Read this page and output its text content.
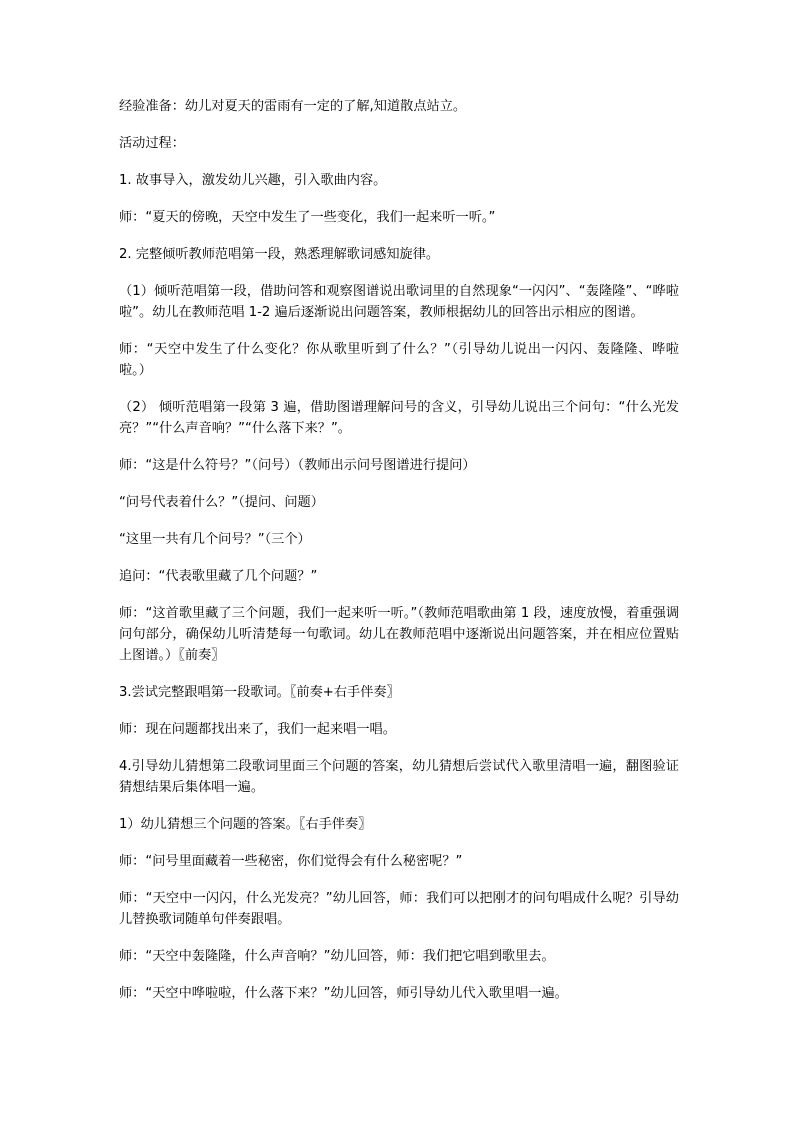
经验准备：幼儿对夏天的雷雨有一定的了解,知道散点站立。

活动过程：

1. 故事导入，激发幼儿兴趣，引入歌曲内容。

师：“夏天的傍晚，天空中发生了一些变化，我们一起来听一听。”

2. 完整倾听教师范唱第一段，熟悉理解歌词感知旋律。

（1）倾听范唱第一段，借助问答和观察图谱说出歌词里的自然现象“一闪闪”、“轰隆隆”、“哗啦啦”。幼儿在教师范唱 1-2 遍后逐渐说出问题答案，教师根据幼儿的回答出示相应的图谱。

师：“天空中发生了什么变化？你从歌里听到了什么？”（引导幼儿说出一闪闪、轰隆隆、哗啦啦。）

（2） 倾听范唱第一段第 3 遍，借助图谱理解问号的含义，引导幼儿说出三个问句：“什么光发亮？”“什么声音响？”“什么落下来？”。

师：“这是什么符号？”（问号）（教师出示问号图谱进行提问）

“问号代表着什么？”（提问、问题）

“这里一共有几个问号？”（三个）

追问：“代表歌里藏了几个问题？”

师：“这首歌里藏了三个问题，我们一起来听一听。”（教师范唱歌曲第 1 段，速度放慢，着重强调问句部分，确保幼儿听清楚每一句歌词。幼儿在教师范唱中逐渐说出问题答案，并在相应位置贴上图谱。）〖前奏〗

3.尝试完整跟唱第一段歌词。〖前奏+右手伴奏〗

师：现在问题都找出来了，我们一起来唱一唱。

4.引导幼儿猜想第二段歌词里面三个问题的答案，幼儿猜想后尝试代入歌里清唱一遍，翻图验证猜想结果后集体唱一遍。

1）幼儿猜想三个问题的答案。〖右手伴奏〗

师：“问号里面藏着一些秘密，你们觉得会有什么秘密呢？”

师：“天空中一闪闪，什么光发亮？”幼儿回答，师：我们可以把刚才的问句唱成什么呢？引导幼儿替换歌词随单句伴奏跟唱。

师：“天空中轰隆隆，什么声音响？”幼儿回答，师：我们把它唱到歌里去。

师：“天空中哗啦啦，什么落下来？”幼儿回答，师引导幼儿代入歌里唱一遍。
